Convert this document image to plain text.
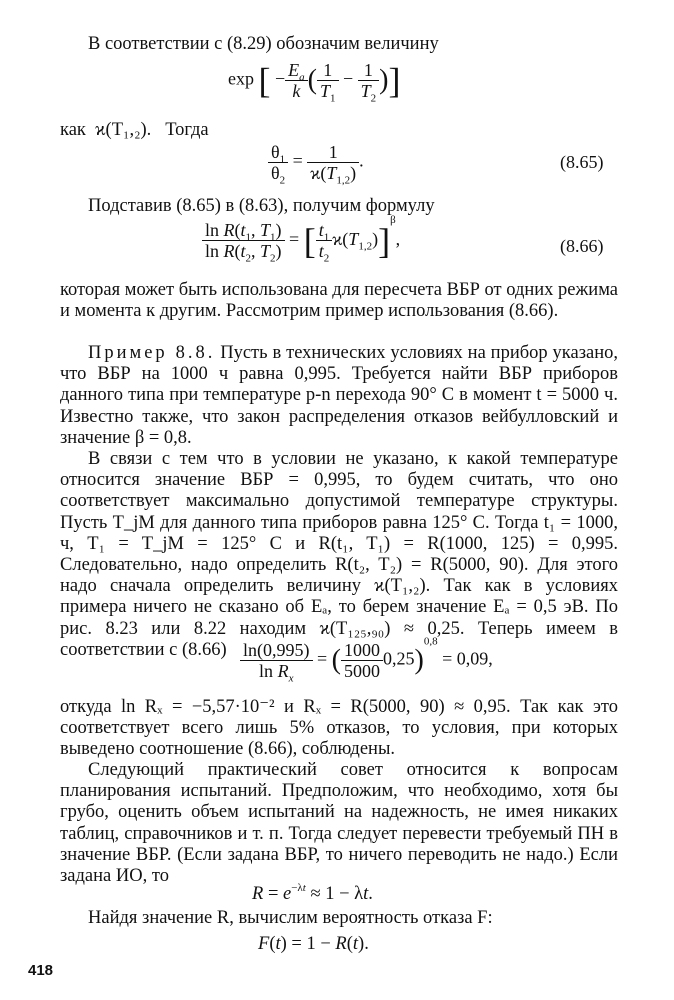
В соответствии с (8.29) обозначим величину

exp [ − $\frac{E_a}{k}$ ( $\frac{1}{T_1} - \frac{1}{T_2}$ )]
как ϰ(T₁,₂). Тогда
$\frac{\theta_1}{\theta_2} = \frac{1}{ϰ(T_{1,2})}$ .	(8.65)

Подставив (8.65) в (8.63), получим формулу

$\frac{\ln R(t_1, T_1)}{\ln R(t_2, T_2)}$ = [ $\frac{t_1}{t_2} ϰ(T_{1,2})]^\beta$,	(8.66)

которая может быть использована для пересчета ВБР от одних режима и момента к другим. Рассмотрим пример использования (8.66).

Пример 8.8. Пусть в технических условиях на прибор указано, что ВБР на 1000 ч равна 0,995. Требуется найти ВБР приборов данного типа при температуре p-n перехода 90° С в момент t = 5000 ч. Известно также, что закон распределения отказов вейбулловский и значение β = 0,8.

В связи с тем что в условии не указано, к какой температуре относится значение ВБР = 0,995, то будем считать, что оно соответствует максимально допустимой температуре структуры. Пусть T_jM для данного типа приборов равна 125° С. Тогда t₁ = 1000, ч, T₁ = T_jM = 125° С и R(t₁, T₁) = R(1000, 125) = 0,995. Следовательно, надо определить R(t₂, T₂) = R(5000, 90). Для этого надо сначала определить величину ϰ(T₁,₂). Так как в условиях примера ничего не сказано об Eₐ, то берем значение Eₐ = 0,5 эВ. По рис. 8.23 или 8.22 находим ϰ(T₁₂₅,₉₀) ≈ 0,25. Теперь имеем в соответствии с $(8.66) \frac{\ln(0,995)}{\ln R_x}$ = ( $\frac{1000}{5000} 0,25)^{0,8} = 0,09$,

откуда ln Rₓ = −5,57·10⁻² и Rₓ = R(5000, 90) ≈ 0,95. Так как это соответствует всего лишь 5% отказов, то условия, при которых выведено соотношение (8.66), соблюдены.

Следующий практический совет относится к вопросам планирования испытаний. Предположим, что необходимо, хотя бы грубо, оценить объем испытаний на надежность, не имея никаких таблиц, справочников и т. п. Тогда следует перевести требуемый ПН в значение ВБР. (Если задана ВБР, то ничего переводить не надо.) Если задана ИО, то

$R = e^{-\lambda t} \approx 1 - \lambda t$.

Найдя значение R, вычислим вероятность отказа F:

F(t) = 1 − R(t).
418
